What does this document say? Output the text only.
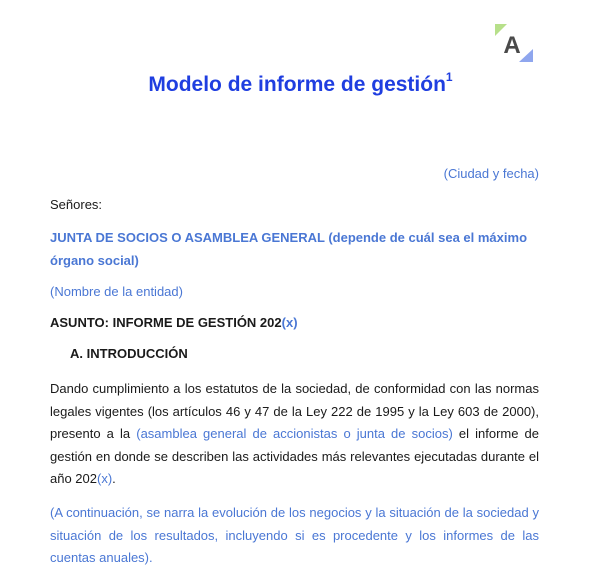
A
Modelo de informe de gestión$^1$

(Ciudad y fecha)

Señores:

JUNTA DE SOCIOS O ASAMBLEA GENERAL (depende de cuál sea el máximo órgano social)

(Nombre de la entidad)

ASUNTO: INFORME DE GESTIÓN 202(x)

A. INTRODUCCIÓN

Dando cumplimiento a los estatutos de la sociedad, de conformidad con las normas legales vigentes (los artículos 46 y 47 de la Ley 222 de 1995 y la Ley 603 de 2000), presento a la (asamblea general de accionistas o junta de socios) el informe de gestión en donde se describen las actividades más relevantes ejecutadas durante el año 202(x).

(A continuación, se narra la evolución de los negocios y la situación de la sociedad y situación de los resultados, incluyendo si es procedente y los informes de las cuentas anuales).
